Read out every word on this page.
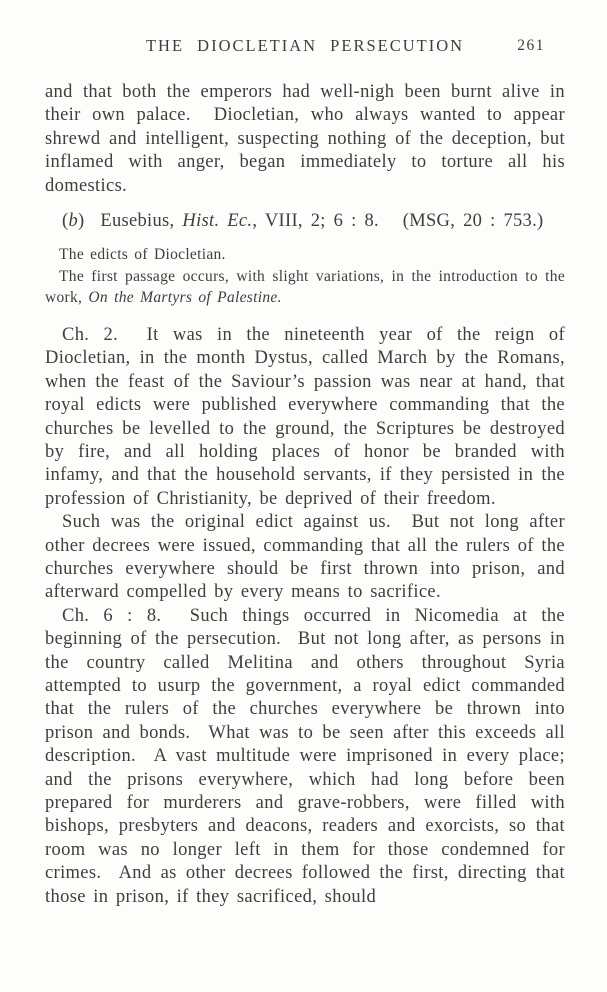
THE DIOCLETIAN PERSECUTION	261

and that both the emperors had well-nigh been burnt alive in their own palace.  Diocletian, who always wanted to appear shrewd and intelligent, suspecting nothing of the deception, but inflamed with anger, began immediately to torture all his domestics.

(b)  Eusebius, Hist. Ec., VIII, 2; 6 : 8.   (MSG, 20 : 753.)

The edicts of Diocletian.

The first passage occurs, with slight variations, in the introduction to the work, On the Martyrs of Palestine.

Ch. 2.  It was in the nineteenth year of the reign of Diocletian, in the month Dystus, called March by the Romans, when the feast of the Saviour’s passion was near at hand, that royal edicts were published everywhere commanding that the churches be levelled to the ground, the Scriptures be destroyed by fire, and all holding places of honor be branded with infamy, and that the household servants, if they persisted in the profession of Christianity, be deprived of their freedom.

Such was the original edict against us.  But not long after other decrees were issued, commanding that all the rulers of the churches everywhere should be first thrown into prison, and afterward compelled by every means to sacrifice.

Ch. 6 : 8.  Such things occurred in Nicomedia at the beginning of the persecution.  But not long after, as persons in the country called Melitina and others throughout Syria attempted to usurp the government, a royal edict commanded that the rulers of the churches everywhere be thrown into prison and bonds.  What was to be seen after this exceeds all description.  A vast multitude were imprisoned in every place; and the prisons everywhere, which had long before been prepared for murderers and grave-robbers, were filled with bishops, presbyters and deacons, readers and exorcists, so that room was no longer left in them for those condemned for crimes.  And as other decrees followed the first, directing that those in prison, if they sacrificed, should
